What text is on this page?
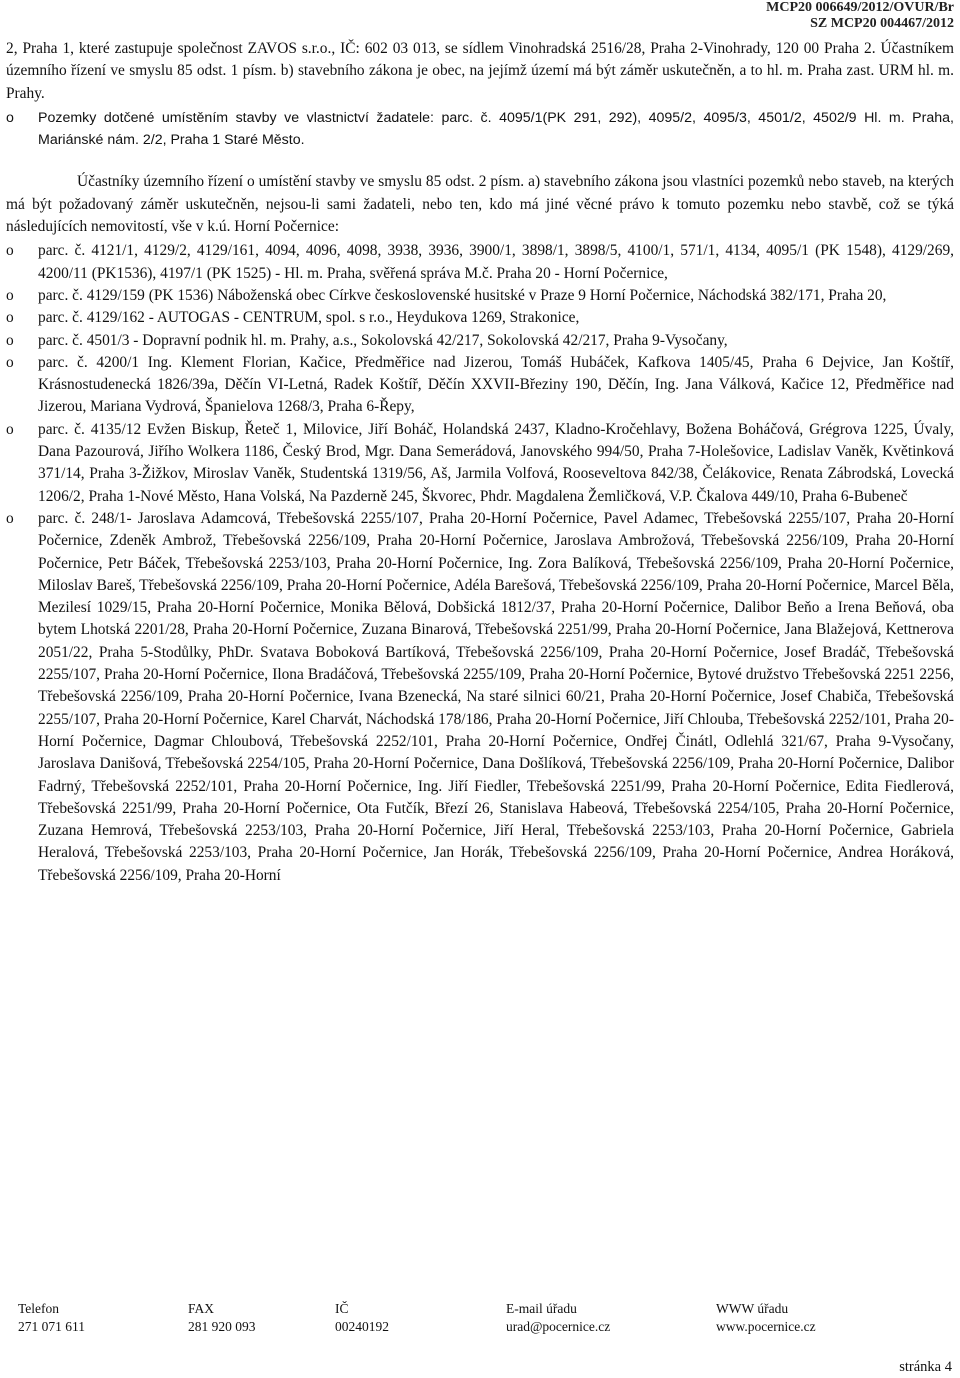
MCP20 006649/2012/OVUR/Br
SZ MCP20 004467/2012

2, Praha 1, které zastupuje společnost ZAVOS s.r.o., IČ: 602 03 013, se sídlem Vinohradská 2516/28, Praha 2-Vinohrady, 120 00 Praha 2. Účastníkem územního řízení ve smyslu 85 odst. 1 písm. b) stavebního zákona je obec, na jejímž území má být záměr uskutečněn, a to hl. m. Praha zast. URM hl. m. Prahy.

o Pozemky dotčené umístěním stavby ve vlastnictví žadatele: parc. č. 4095/1(PK 291, 292), 4095/2, 4095/3, 4501/2, 4502/9 Hl. m. Praha, Mariánské nám. 2/2, Praha 1 Staré Město.

Účastníky územního řízení o umístění stavby ve smyslu 85 odst. 2 písm. a) stavebního zákona jsou vlastníci pozemků nebo staveb, na kterých má být požadovaný záměr uskutečněn, nejsou-li sami žadateli, nebo ten, kdo má jiné věcné právo k tomuto pozemku nebo stavbě, což se týká následujících nemovitostí, vše v k.ú. Horní Počernice:

o parc. č. 4121/1, 4129/2, 4129/161, 4094, 4096, 4098, 3938, 3936, 3900/1, 3898/1, 3898/5, 4100/1, 571/1, 4134, 4095/1 (PK 1548), 4129/269, 4200/11 (PK1536), 4197/1 (PK 1525) - Hl. m. Praha, svěřená správa M.č. Praha 20 - Horní Počernice,
o parc. č. 4129/159 (PK 1536) Náboženská obec Církve československé husitské v Praze 9 Horní Počernice, Náchodská 382/171, Praha 20,
o parc. č. 4129/162 - AUTOGAS - CENTRUM, spol. s r.o., Heydukova 1269, Strakonice,
o parc. č. 4501/3 - Dopravní podnik hl. m. Prahy, a.s., Sokolovská 42/217, Sokolovská 42/217, Praha 9-Vysočany,
o parc. č. 4200/1 Ing. Klement Florian, Kačice, Předměřice nad Jizerou, Tomáš Hubáček, Kafkova 1405/45, Praha 6 Dejvice, Jan Koštíř, Krásnostudenecká 1826/39a, Děčín VI-Letná, Radek Koštíř, Děčín XXVII-Březiny 190, Děčín, Ing. Jana Válková, Kačice 12, Předměřice nad Jizerou, Mariana Vydrová, Španielova 1268/3, Praha 6-Řepy,
o parc. č. 4135/12 Evžen Biskup, Řeteč 1, Milovice, Jiří Boháč, Holandská 2437, Kladno-Kročehlavy, Božena Boháčová, Grégrova 1225, Úvaly, Dana Pazourová, Jiřího Wolkera 1186, Český Brod, Mgr. Dana Semerádová, Janovského 994/50, Praha 7-Holešovice, Ladislav Vaněk, Květinková 371/14, Praha 3-Žižkov, Miroslav Vaněk, Studentská 1319/56, Aš, Jarmila Volfová, Rooseveltova 842/38, Čelákovice, Renata Zábrodská, Lovecká 1206/2, Praha 1-Nové Město, Hana Volská, Na Pazderně 245, Škvorec, Phdr. Magdalena Žemličková, V.P. Čkalova 449/10, Praha 6-Bubeneč
o parc. č. 248/1- Jaroslava Adamcová, Třebešovská 2255/107, Praha 20-Horní Počernice, Pavel Adamec, Třebešovská 2255/107, Praha 20-Horní Počernice, Zdeněk Ambrož, Třebešovská 2256/109, Praha 20-Horní Počernice, Jaroslava Ambrožová, Třebešovská 2256/109, Praha 20-Horní Počernice, Petr Báček, Třebešovská 2253/103, Praha 20-Horní Počernice, Ing. Zora Balíková, Třebešovská 2256/109, Praha 20-Horní Počernice, Miloslav Bareš, Třebešovská 2256/109, Praha 20-Horní Počernice, Adéla Barešová, Třebešovská 2256/109, Praha 20-Horní Počernice, Marcel Běla, Mezilesí 1029/15, Praha 20-Horní Počernice, Monika Bělová, Dobšická 1812/37, Praha 20-Horní Počernice, Dalibor Beňo a Irena Beňová, oba bytem Lhotská 2201/28, Praha 20-Horní Počernice, Zuzana Binarová, Třebešovská 2251/99, Praha 20-Horní Počernice, Jana Blažejová, Kettnerova 2051/22, Praha 5-Stodůlky, PhDr. Svatava Boboková Bartíková, Třebešovská 2256/109, Praha 20-Horní Počernice, Josef Bradáč, Třebešovská 2255/107, Praha 20-Horní Počernice, Ilona Bradáčová, Třebešovská 2255/109, Praha 20-Horní Počernice, Bytové družstvo Třebešovská 2251 2256, Třebešovská 2256/109, Praha 20-Horní Počernice, Ivana Bzenecká, Na staré silnici 60/21, Praha 20-Horní Počernice, Josef Chabiča, Třebešovská 2255/107, Praha 20-Horní Počernice, Karel Charvát, Náchodská 178/186, Praha 20-Horní Počernice, Jiří Chlouba, Třebešovská 2252/101, Praha 20-Horní Počernice, Dagmar Chloubová, Třebešovská 2252/101, Praha 20-Horní Počernice, Ondřej Činátl, Odlehlá 321/67, Praha 9-Vysočany, Jaroslava Danišová, Třebešovská 2254/105, Praha 20-Horní Počernice, Dana Došlíková, Třebešovská 2256/109, Praha 20-Horní Počernice, Dalibor Fadrný, Třebešovská 2252/101, Praha 20-Horní Počernice, Ing. Jiří Fiedler, Třebešovská 2251/99, Praha 20-Horní Počernice, Edita Fiedlerová, Třebešovská 2251/99, Praha 20-Horní Počernice, Ota Futčík, Březí 26, Stanislava Habeová, Třebešovská 2254/105, Praha 20-Horní Počernice, Zuzana Hemrová, Třebešovská 2253/103, Praha 20-Horní Počernice, Jiří Heral, Třebešovská 2253/103, Praha 20-Horní Počernice, Gabriela Heralová, Třebešovská 2253/103, Praha 20-Horní Počernice, Jan Horák, Třebešovská 2256/109, Praha 20-Horní Počernice, Andrea Horáková, Třebešovská 2256/109, Praha 20-Horní
Telefon
271 071 611
FAX
281 920 093
IČ
00240192
E-mail úřadu
urad@pocernice.cz
WWW úřadu
www.pocernice.cz
stránka 4
